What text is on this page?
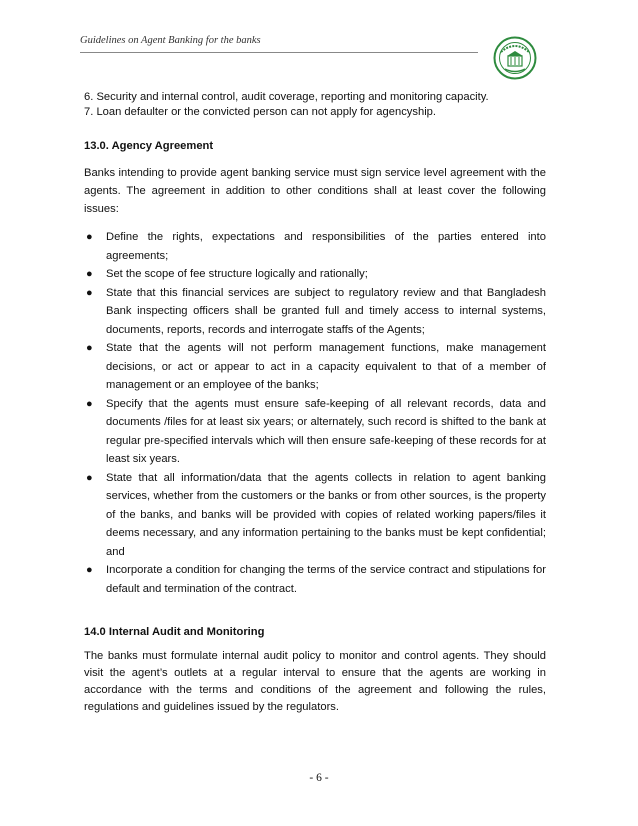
Guidelines on Agent Banking for the banks
6. Security and internal control, audit coverage, reporting and monitoring capacity.
7. Loan defaulter or the convicted person can not apply for agencyship.
13.0. Agency Agreement
Banks intending to provide agent banking service must sign service level agreement with the agents. The agreement in addition to other conditions shall at least cover the following issues:
● Define the rights, expectations and responsibilities of the parties entered into agreements;
● Set the scope of fee structure logically and rationally;
● State that this financial services are subject to regulatory review and that Bangladesh Bank inspecting officers shall be granted full and timely access to internal systems, documents, reports, records and interrogate staffs of the Agents;
● State that the agents will not perform management functions, make management decisions, or act or appear to act in a capacity equivalent to that of a member of management or an employee of the banks;
● Specify that the agents must ensure safe-keeping of all relevant records, data and documents /files for at least six years; or alternately, such record is shifted to the bank at regular pre-specified intervals which will then ensure safe-keeping of these records for at least six years.
● State that all information/data that the agents collects in relation to agent banking services, whether from the customers or the banks or from other sources, is the property of the banks, and banks will be provided with copies of related working papers/files it deems necessary, and any information pertaining to the banks must be kept confidential; and
● Incorporate a condition for changing the terms of the service contract and stipulations for default and termination of the contract.
14.0 Internal Audit and Monitoring
The banks must formulate internal audit policy to monitor and control agents. They should visit the agent’s outlets at a regular interval to ensure that the agents are working in accordance with the terms and conditions of the agreement and following the rules, regulations and guidelines issued by the regulators.
- 6 -
